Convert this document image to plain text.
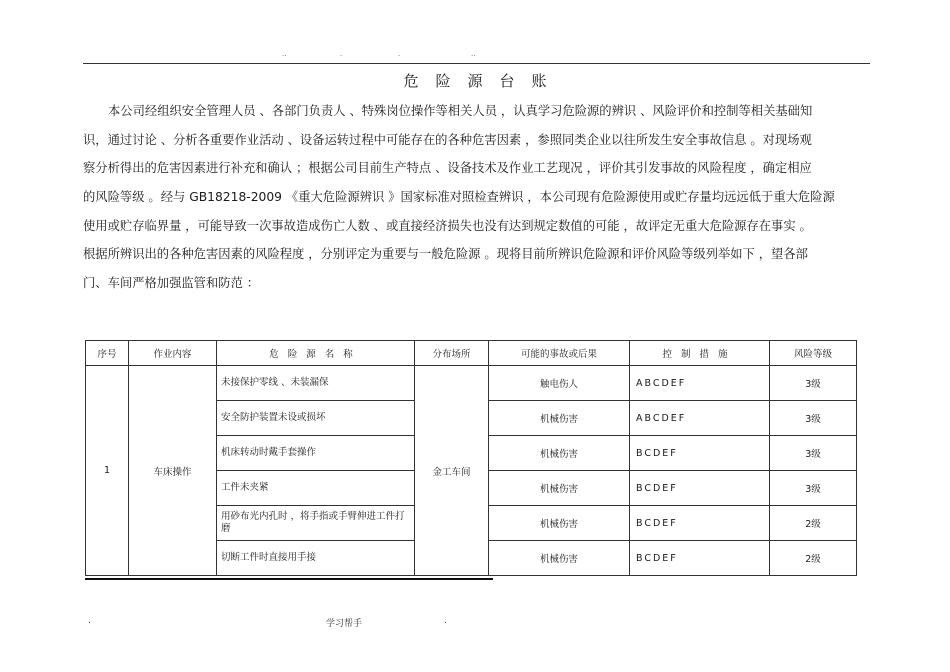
..	.	.	..
危险源台账
本公司经组织安全管理人员 、各部门负责人 、特殊岗位操作等相关人员 ，认真学习危险源的辨识 、风险评价和控制等相关基础知
识，通过讨论 、分析各重要作业活动 、设备运转过程中可能存在的各种危害因素 ，参照同类企业以往所发生安全事故信息 。对现场观
察分析得出的危害因素进行补充和确认 ；根据公司目前生产特点 、设备技术及作业工艺现况 ，评价其引发事故的风险程度 ，确定相应
的风险等级 。经与 GB18218-2009 《重大危险源辨识 》国家标准对照检查辨识 ，本公司现有危险源使用或贮存量均远远低于重大危险源
使用或贮存临界量 ，可能导致一次事故造成伤亡人数 、或直接经济损失也没有达到规定数值的可能 ，故评定无重大危险源存在事实 。
根据所辨识出的各种危害因素的风险程度 ，分别评定为重要与一般危险源 。现将目前所辨识危险源和评价风险等级列举如下 ，望各部
门、车间严格加强监管和防范 ：
序号	作业内容	危险源名称	分布场所	可能的事故或后果	控制措施	风险等级
1	车床操作	未接保护零线 、未装漏保	金工车间	触电伤人	ABCDEF	3级
		安全防护装置未设或损坏		机械伤害	ABCDEF	3级
		机床转动时戴手套操作		机械伤害	BCDEF	3级
		工件未夹紧		机械伤害	BCDEF	3级
		用砂布光内孔时 ，将手指或手臂伸进工件打磨		机械伤害	BCDEF	2级
		切断工件时直接用手接		机械伤害	BCDEF	2级
.	学习帮手	.
